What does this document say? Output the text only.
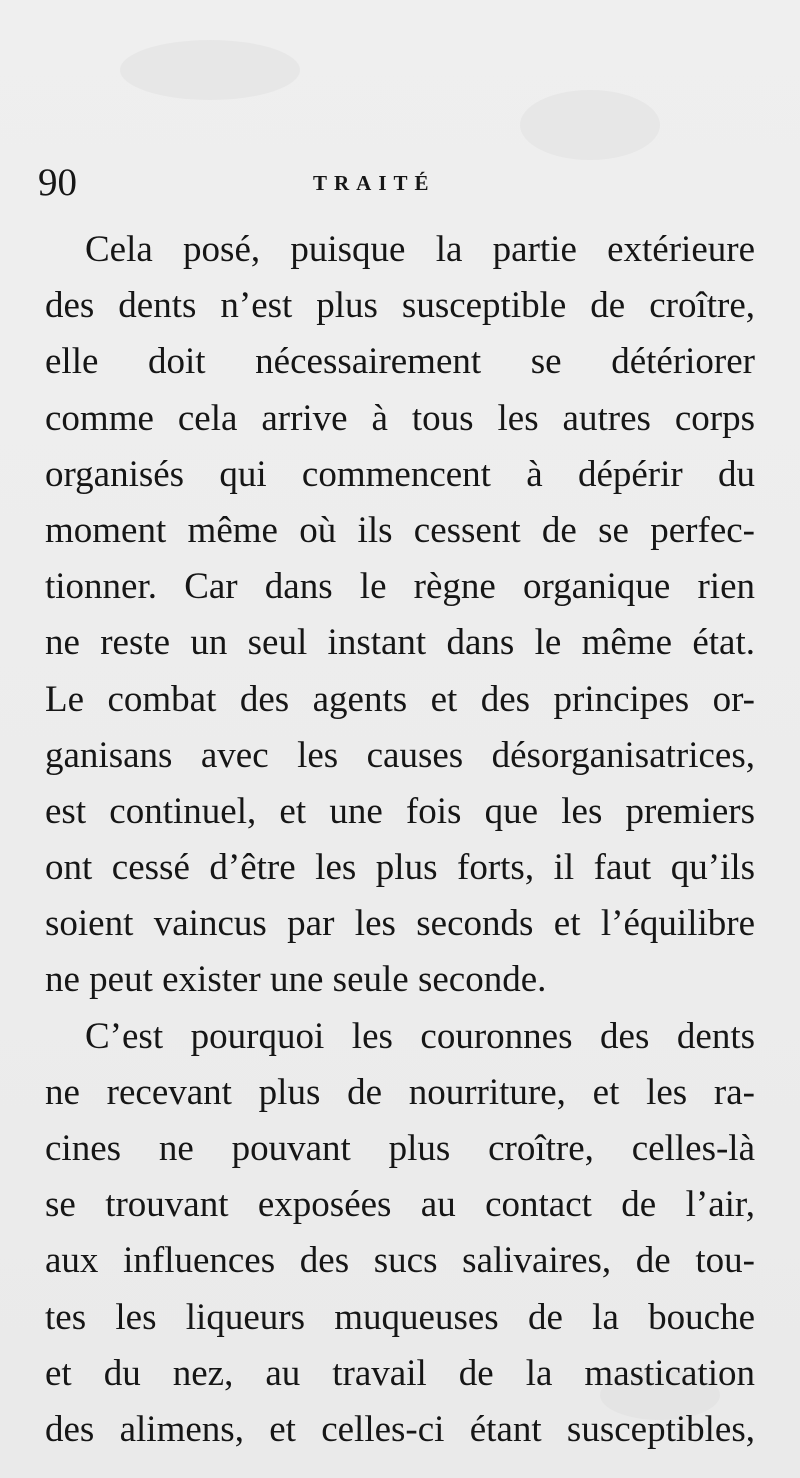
90	TRAITÉ
Cela posé, puisque la partie extérieure
des dents n’est plus susceptible de croître,
elle doit nécessairement se détériorer
comme cela arrive à tous les autres corps
organisés qui commencent à dépérir du
moment même où ils cessent de se perfec-
tionner. Car dans le règne organique rien
ne reste un seul instant dans le même état.
Le combat des agents et des principes or-
ganisans avec les causes désorganisatrices,
est continuel, et une fois que les premiers
ont cessé d’être les plus forts, il faut qu’ils
soient vaincus par les seconds et l’équilibre
ne peut exister une seule seconde.
C’est pourquoi les couronnes des dents
ne recevant plus de nourriture, et les ra-
cines ne pouvant plus croître, celles-là
se trouvant exposées au contact de l’air,
aux influences des sucs salivaires, de tou-
tes les liqueurs muqueuses de la bouche
et du nez, au travail de la mastication
des alimens, et celles-ci étant susceptibles,
